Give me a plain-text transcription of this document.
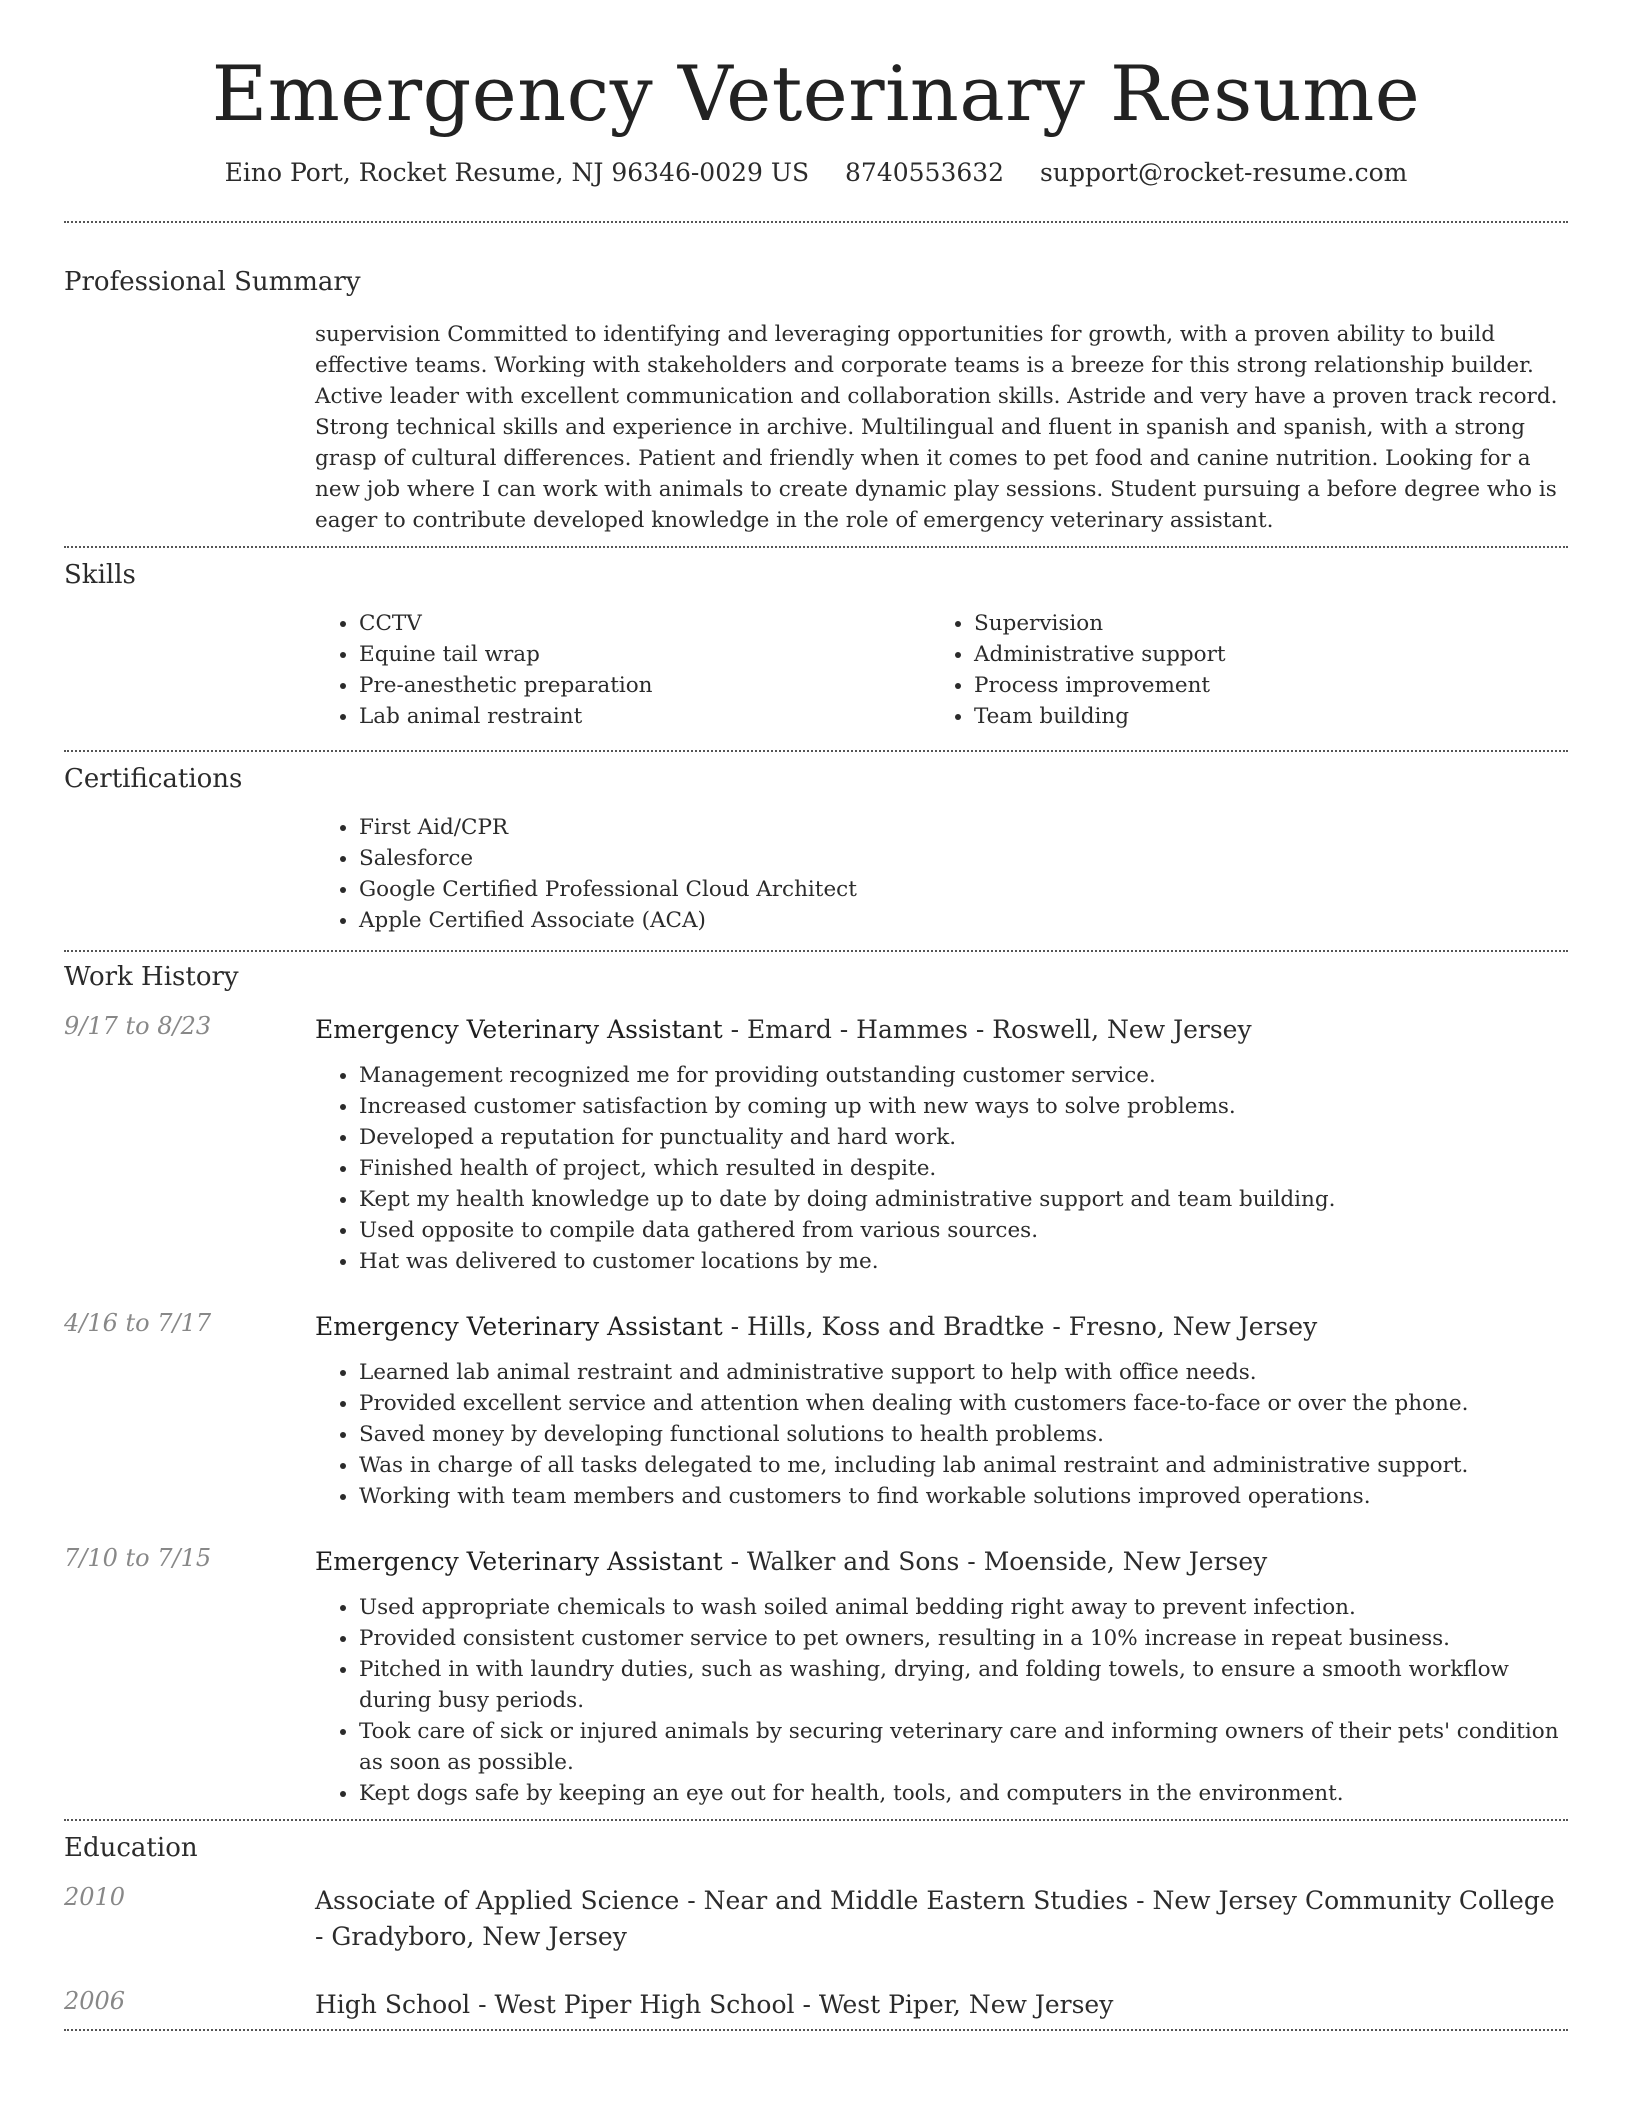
Emergency Veterinary Resume
Eino Port, Rocket Resume, NJ 96346-0029 US 8740553632 support@rocket-resume.com
Professional Summary

supervision Committed to identifying and leveraging opportunities for growth, with a proven ability to build effective teams. Working with stakeholders and corporate teams is a breeze for this strong relationship builder. Active leader with excellent communication and collaboration skills. Astride and very have a proven track record. Strong technical skills and experience in archive. Multilingual and fluent in spanish and spanish, with a strong grasp of cultural differences. Patient and friendly when it comes to pet food and canine nutrition. Looking for a new job where I can work with animals to create dynamic play sessions. Student pursuing a before degree who is eager to contribute developed knowledge in the role of emergency veterinary assistant.

Skills
• CCTV
• Equine tail wrap
• Pre-anesthetic preparation
• Lab animal restraint
• Supervision
• Administrative support
• Process improvement
• Team building
Certifications
• First Aid/CPR
• Salesforce
• Google Certified Professional Cloud Architect
• Apple Certified Associate (ACA)
Work History
9/17 to 8/23	Emergency Veterinary Assistant - Emard - Hammes - Roswell, New Jersey

• Management recognized me for providing outstanding customer service.
• Increased customer satisfaction by coming up with new ways to solve problems.
• Developed a reputation for punctuality and hard work.
• Finished health of project, which resulted in despite.
• Kept my health knowledge up to date by doing administrative support and team building.
• Used opposite to compile data gathered from various sources.
• Hat was delivered to customer locations by me.
4/16 to 7/17	Emergency Veterinary Assistant - Hills, Koss and Bradtke - Fresno, New Jersey

• Learned lab animal restraint and administrative support to help with office needs.
• Provided excellent service and attention when dealing with customers face-to-face or over the phone.
• Saved money by developing functional solutions to health problems.
• Was in charge of all tasks delegated to me, including lab animal restraint and administrative support.
• Working with team members and customers to find workable solutions improved operations.
7/10 to 7/15	Emergency Veterinary Assistant - Walker and Sons - Moenside, New Jersey

• Used appropriate chemicals to wash soiled animal bedding right away to prevent infection.
• Provided consistent customer service to pet owners, resulting in a 10% increase in repeat business.
• Pitched in with laundry duties, such as washing, drying, and folding towels, to ensure a smooth workflow during busy periods.
• Took care of sick or injured animals by securing veterinary care and informing owners of their pets' condition as soon as possible.
• Kept dogs safe by keeping an eye out for health, tools, and computers in the environment.
Education
2010	Associate of Applied Science - Near and Middle Eastern Studies - New Jersey Community College - Gradyboro, New Jersey

2006	High School - West Piper High School - West Piper, New Jersey
